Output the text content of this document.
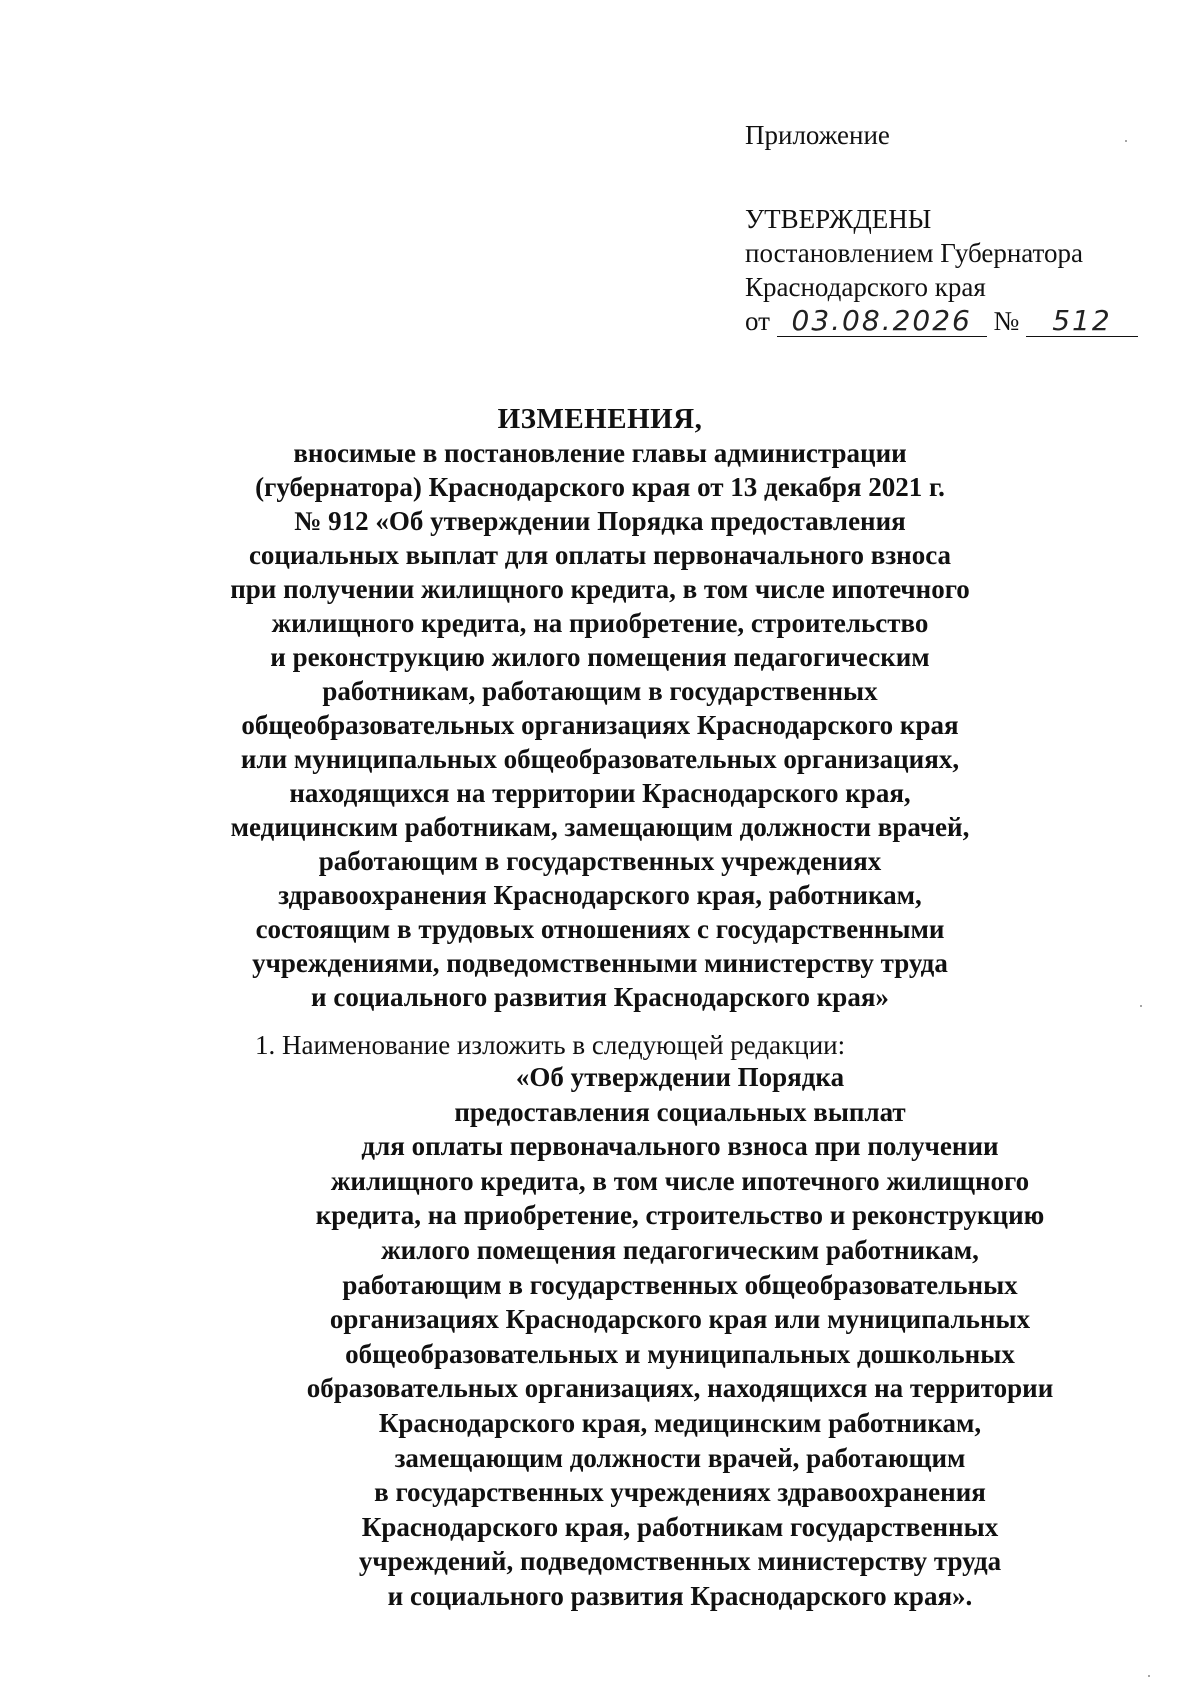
Приложение

УТВЕРЖДЕНЫ

постановлением Губернатора

Краснодарского края

от 03.08.2026 № 512

ИЗМЕНЕНИЯ,
вносимые в постановление главы администрации
(губернатора) Краснодарского края от 13 декабря 2021 г.
№ 912 «Об утверждении Порядка предоставления
социальных выплат для оплаты первоначального взноса
при получении жилищного кредита, в том числе ипотечного
жилищного кредита, на приобретение, строительство
и реконструкцию жилого помещения педагогическим
работникам, работающим в государственных
общеобразовательных организациях Краснодарского края
или муниципальных общеобразовательных организациях,
находящихся на территории Краснодарского края,
медицинским работникам, замещающим должности врачей,
работающим в государственных учреждениях
здравоохранения Краснодарского края, работникам,
состоящим в трудовых отношениях с государственными
учреждениями, подведомственными министерству труда
и социального развития Краснодарского края»
1. Наименование изложить в следующей редакции:
«Об утверждении Порядка
предоставления социальных выплат
для оплаты первоначального взноса при получении
жилищного кредита, в том числе ипотечного жилищного
кредита, на приобретение, строительство и реконструкцию
жилого помещения педагогическим работникам,
работающим в государственных общеобразовательных
организациях Краснодарского края или муниципальных
общеобразовательных и муниципальных дошкольных
образовательных организациях, находящихся на территории
Краснодарского края, медицинским работникам,
замещающим должности врачей, работающим
в государственных учреждениях здравоохранения
Краснодарского края, работникам государственных
учреждений, подведомственных министерству труда
и социального развития Краснодарского края».
